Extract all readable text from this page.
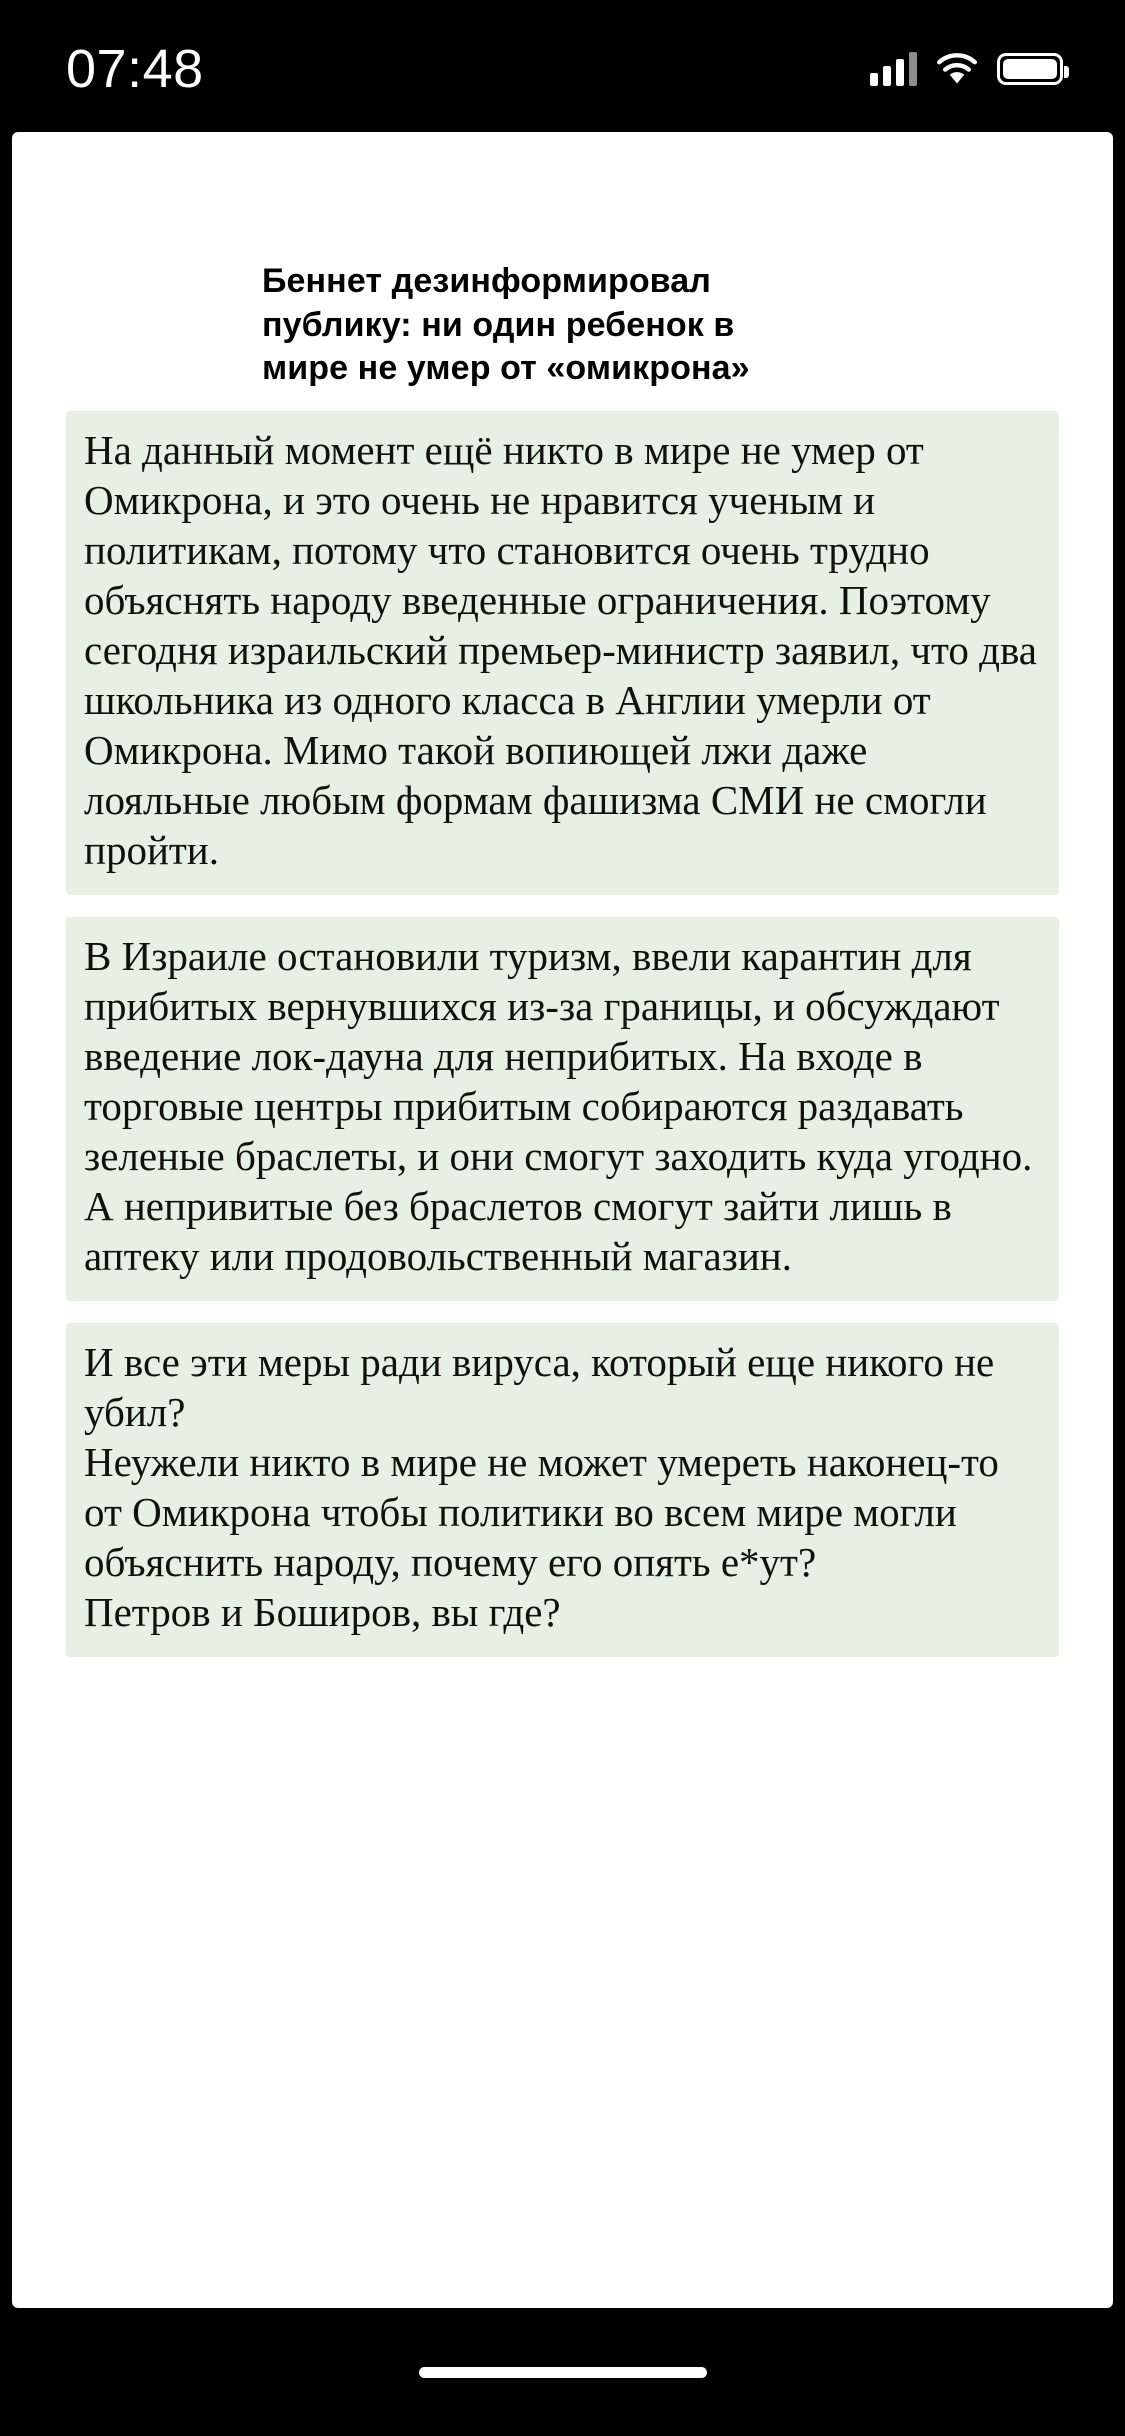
07:48
Беннет дезинформировал публику: ни один ребенок в мире не умер от «омикрона»

На данный момент ещё никто в мире не умер от Омикрона, и это очень не нравится ученым и политикам, потому что становится очень трудно объяснять народу введенные ограничения. Поэтому сегодня израильский премьер-министр заявил, что два школьника из одного класса в Англии умерли от Омикрона. Мимо такой вопиющей лжи даже лояльные любым формам фашизма СМИ не смогли пройти.

В Израиле остановили туризм, ввели карантин для прибитых вернувшихся из-за границы, и обсуждают введение лок-дауна для неприбитых. На входе в торговые центры прибитым собираются раздавать зеленые браслеты, и они смогут заходить куда угодно. А непривитые без браслетов смогут зайти лишь в аптеку или продовольственный магазин.

И все эти меры ради вируса, который еще никого не убил?

Неужели никто в мире не может умереть наконец-то от Омикрона чтобы политики во всем мире могли объяснить народу, почему его опять е*ут?

Петров и Боширов, вы где?
